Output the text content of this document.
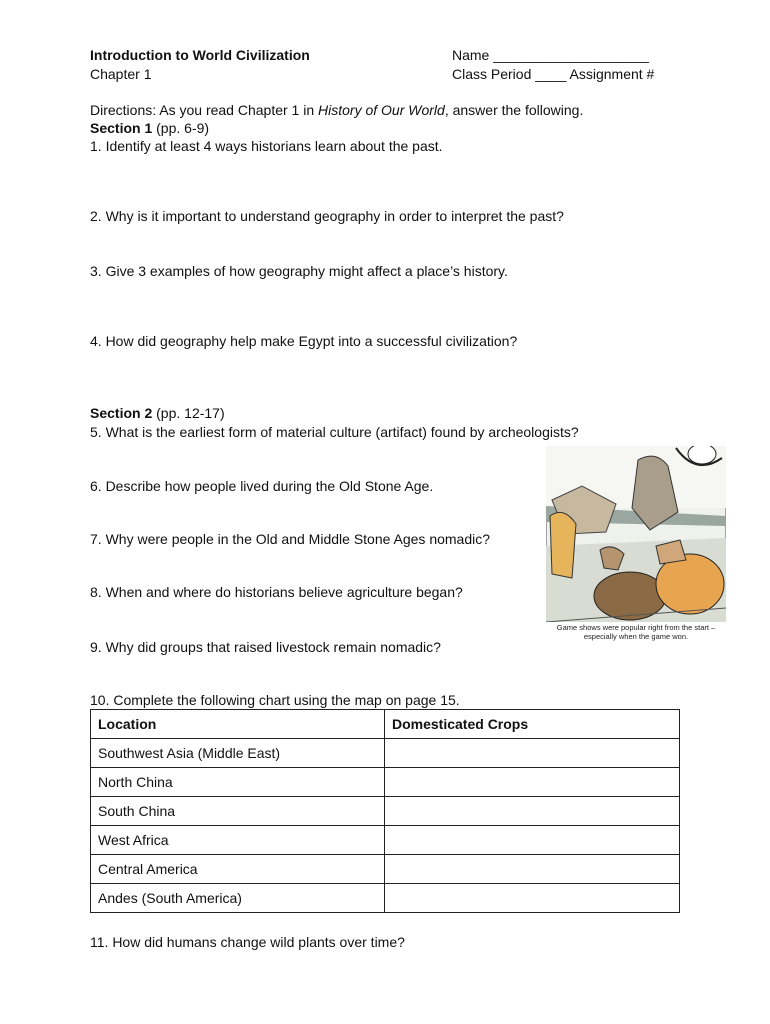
Introduction to World Civilization
Chapter 1
Name ____________________
Class Period ____ Assignment #
Directions: As you read Chapter 1 in History of Our World, answer the following.
Section 1 (pp. 6-9)
1. Identify at least 4 ways historians learn about the past.
2. Why is it important to understand geography in order to interpret the past?
3. Give 3 examples of how geography might affect a place’s history.
4. How did geography help make Egypt into a successful civilization?
Section 2 (pp. 12-17)
5. What is the earliest form of material culture (artifact) found by archeologists?
6. Describe how people lived during the Old Stone Age.
7. Why were people in the Old and Middle Stone Ages nomadic?
8. When and where do historians believe agriculture began?
9. Why did groups that raised livestock remain nomadic?
10. Complete the following chart using the map on page 15.
Game shows were popular right from the start –
especially when the game won.
Location	Domesticated Crops
Southwest Asia (Middle East)	
North China	
South China	
West Africa	
Central America	
Andes (South America)	
11. How did humans change wild plants over time?
